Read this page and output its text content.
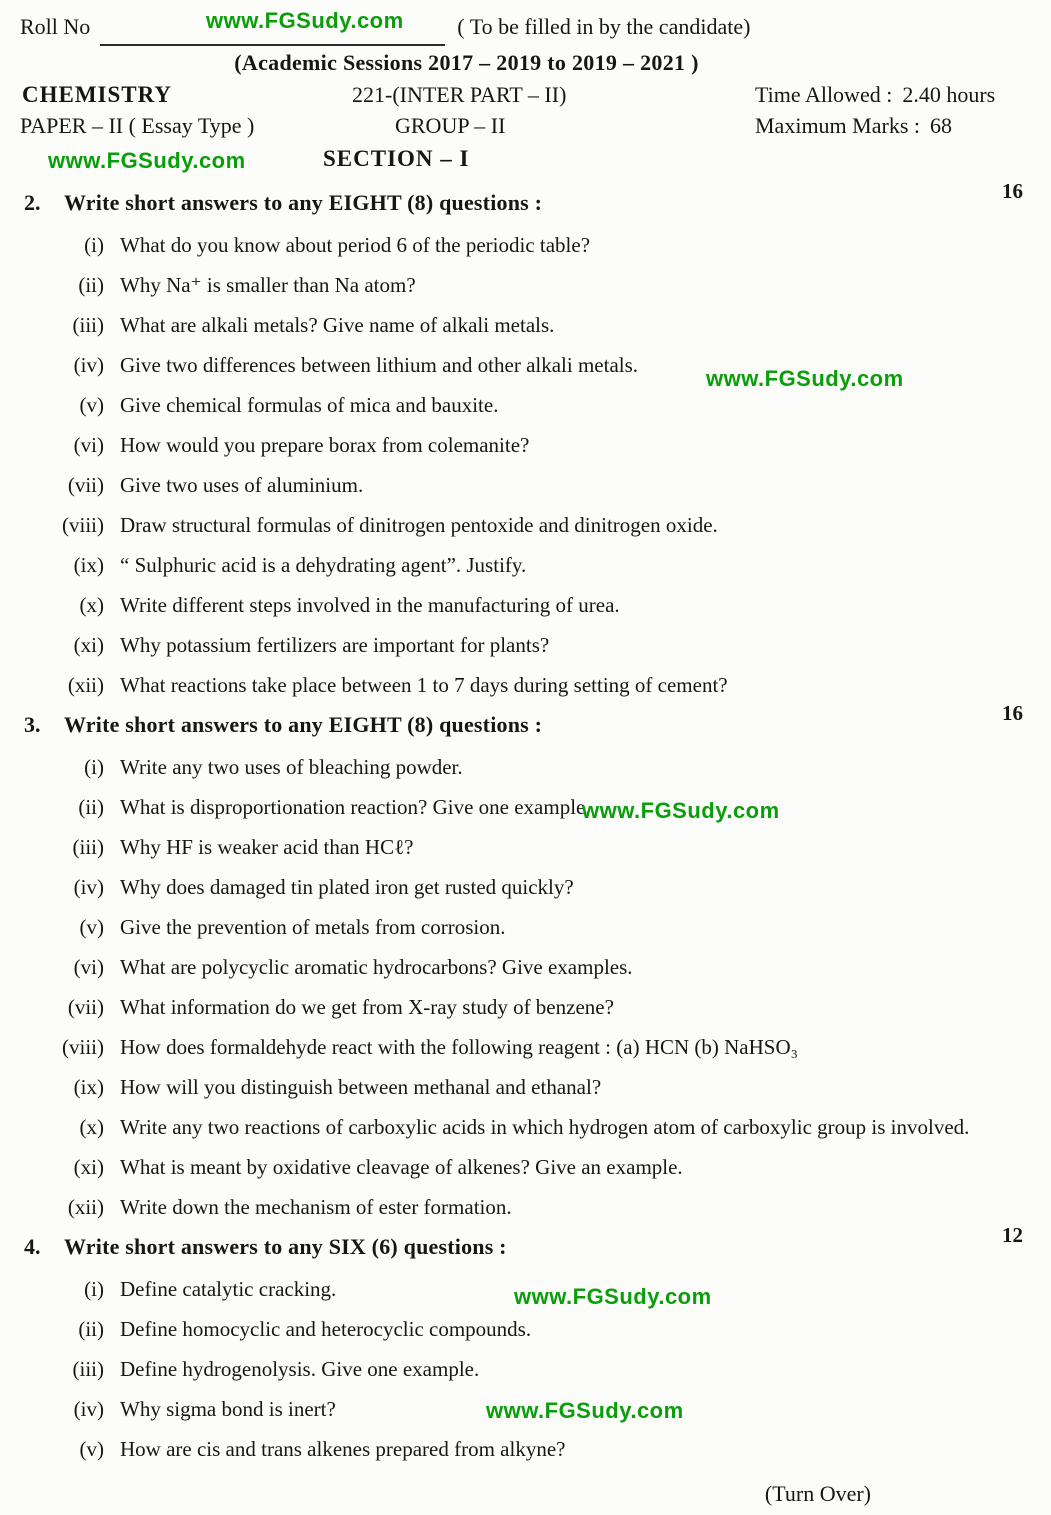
www.FGSudy.com
www.FGSudy.com
www.FGSudy.com
www.FGSudy.com
www.FGSudy.com
www.FGSudy.com
Roll No	( To be filled in by the candidate)
(Academic Sessions 2017 – 2019 to 2019 – 2021 )
CHEMISTRY	221-(INTER PART – II)	Time Allowed : 2.40 hours
PAPER – II ( Essay Type )	GROUP – II	Maximum Marks : 68
SECTION – I
2.	Write short answers to any EIGHT (8) questions :	16
(i) What do you know about period 6 of the periodic table?
(ii) Why Na⁺ is smaller than Na atom?
(iii) What are alkali metals? Give name of alkali metals.
(iv) Give two differences between lithium and other alkali metals.
(v) Give chemical formulas of mica and bauxite.
(vi) How would you prepare borax from colemanite?
(vii) Give two uses of aluminium.
(viii) Draw structural formulas of dinitrogen pentoxide and dinitrogen oxide.
(ix) “ Sulphuric acid is a dehydrating agent”. Justify.
(x) Write different steps involved in the manufacturing of urea.
(xi) Why potassium fertilizers are important for plants?
(xii) What reactions take place between 1 to 7 days during setting of cement?
3.	Write short answers to any EIGHT (8) questions :	16
(i) Write any two uses of bleaching powder.
(ii) What is disproportionation reaction? Give one example.
(iii) Why HF is weaker acid than HCℓ?
(iv) Why does damaged tin plated iron get rusted quickly?
(v) Give the prevention of metals from corrosion.
(vi) What are polycyclic aromatic hydrocarbons? Give examples.
(vii) What information do we get from X-ray study of benzene?
(viii) How does formaldehyde react with the following reagent : (a) HCN (b) NaHSO₃
(ix) How will you distinguish between methanal and ethanal?
(x) Write any two reactions of carboxylic acids in which hydrogen atom of carboxylic group is involved.
(xi) What is meant by oxidative cleavage of alkenes? Give an example.
(xii) Write down the mechanism of ester formation.
4.	Write short answers to any SIX (6) questions :	12
(i) Define catalytic cracking.
(ii) Define homocyclic and heterocyclic compounds.
(iii) Define hydrogenolysis. Give one example.
(iv) Why sigma bond is inert?
(v) How are cis and trans alkenes prepared from alkyne?
(Turn Over)
